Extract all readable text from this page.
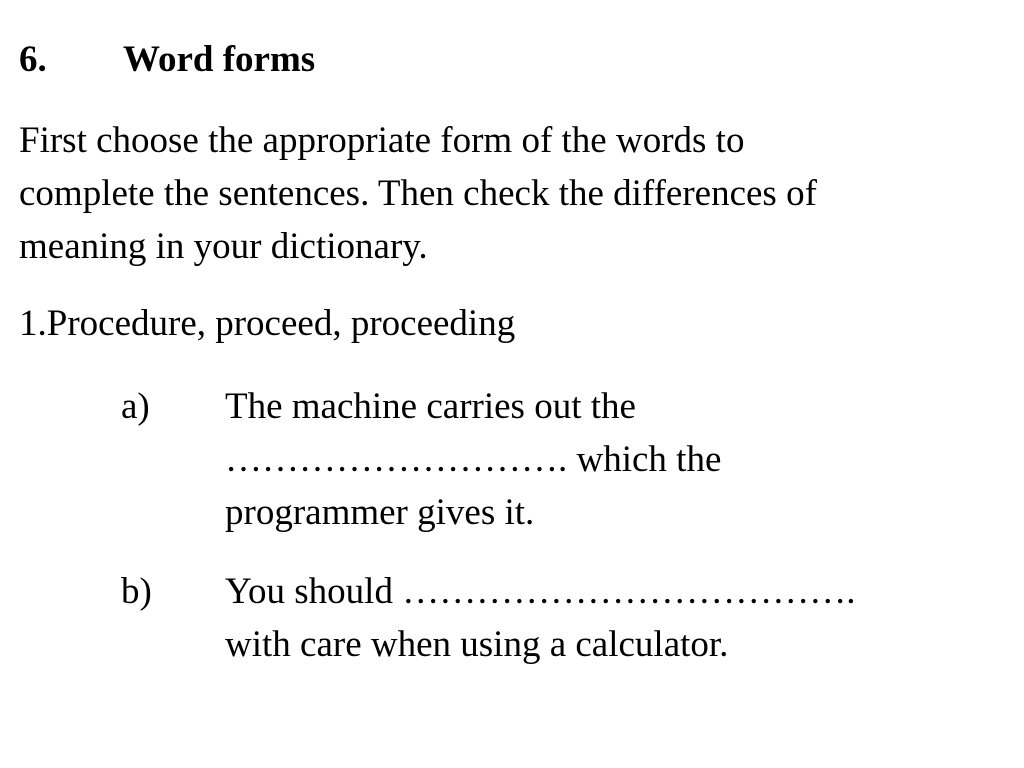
6. Word forms
First choose the appropriate form of the words to
complete the sentences. Then check the differences of
meaning in your dictionary.
1.Procedure, proceed, proceeding
a) The machine carries out the
………………………. which the
programmer gives it.
b) You should ……………………………….
with care when using a calculator.
